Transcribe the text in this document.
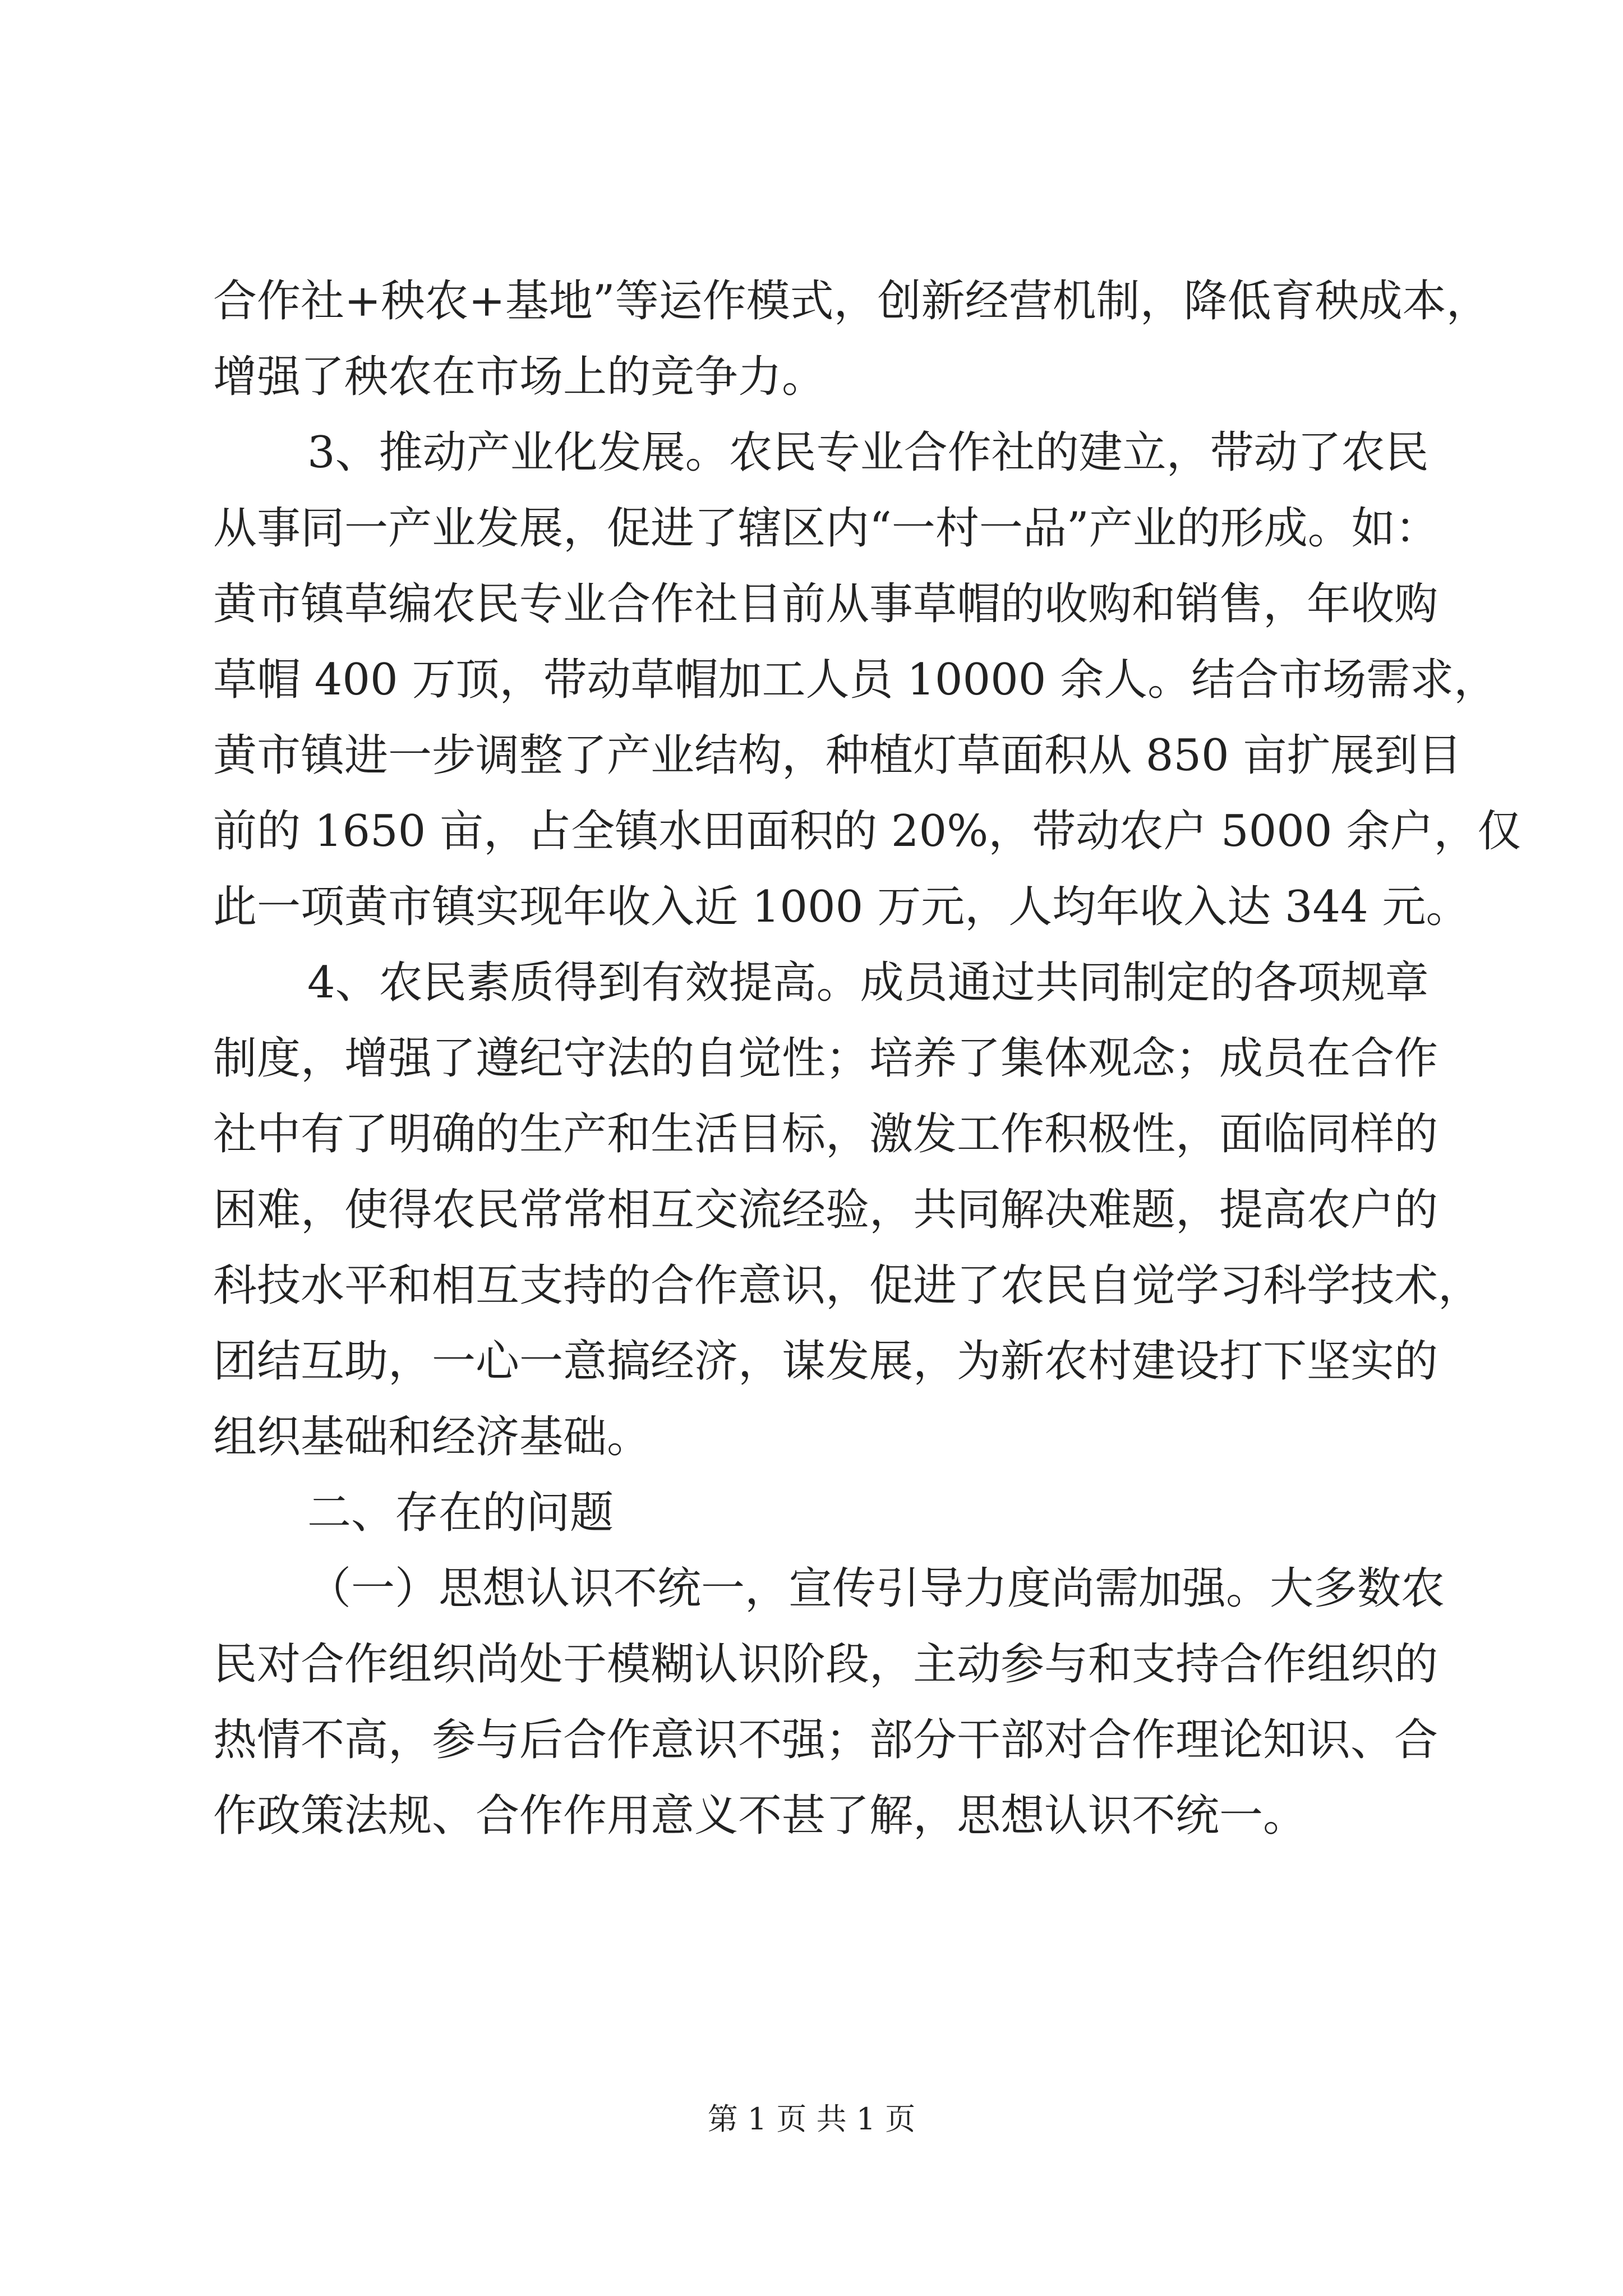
合作社+秧农+基地”等运作模式，创新经营机制，降低育秧成本，
增强了秧农在市场上的竞争力。
3、推动产业化发展。农民专业合作社的建立，带动了农民
从事同一产业发展，促进了辖区内“一村一品”产业的形成。如：
黄市镇草编农民专业合作社目前从事草帽的收购和销售，年收购
草帽 400 万顶，带动草帽加工人员 10000 余人。结合市场需求，
黄市镇进一步调整了产业结构，种植灯草面积从 850 亩扩展到目
前的 1650 亩，占全镇水田面积的 20%，带动农户 5000 余户，仅
此一项黄市镇实现年收入近 1000 万元，人均年收入达 344 元。
4、农民素质得到有效提高。成员通过共同制定的各项规章
制度，增强了遵纪守法的自觉性；培养了集体观念；成员在合作
社中有了明确的生产和生活目标，激发工作积极性，面临同样的
困难，使得农民常常相互交流经验，共同解决难题，提高农户的
科技水平和相互支持的合作意识，促进了农民自觉学习科学技术，
团结互助，一心一意搞经济，谋发展，为新农村建设打下坚实的
组织基础和经济基础。
二、存在的问题
（一）思想认识不统一，宣传引导力度尚需加强。大多数农
民对合作组织尚处于模糊认识阶段，主动参与和支持合作组织的
热情不高，参与后合作意识不强；部分干部对合作理论知识、合
作政策法规、合作作用意义不甚了解，思想认识不统一。
第 1 页 共 1 页
